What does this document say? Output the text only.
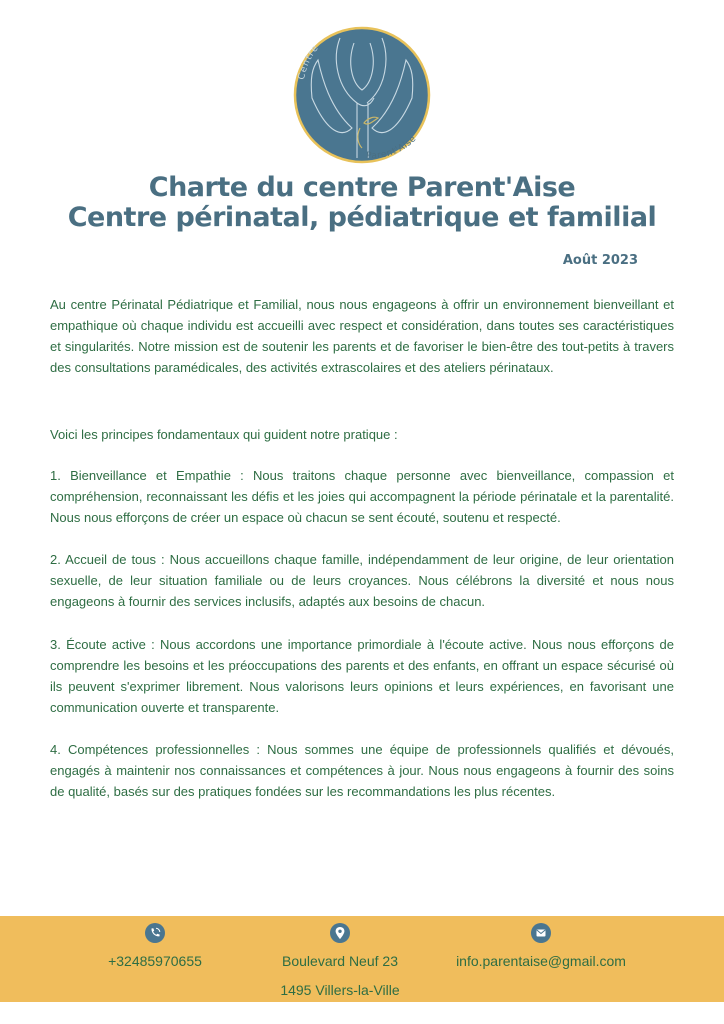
Centre
Parent'Aise
Charte du centre Parent'Aise
Centre périnatal, pédiatrique et familial
Août 2023

Au centre Périnatal Pédiatrique et Familial, nous nous engageons à offrir un environnement bienveillant et empathique où chaque individu est accueilli avec respect et considération, dans toutes ses caractéristiques et singularités. Notre mission est de soutenir les parents et de favoriser le bien-être des tout-petits à travers des consultations paramédicales, des activités extrascolaires et des ateliers périnataux.

Voici les principes fondamentaux qui guident notre pratique :

1. Bienveillance et Empathie : Nous traitons chaque personne avec bienveillance, compassion et compréhension, reconnaissant les défis et les joies qui accompagnent la période périnatale et la parentalité. Nous nous efforçons de créer un espace où chacun se sent écouté, soutenu et respecté.

2. Accueil de tous : Nous accueillons chaque famille, indépendamment de leur origine, de leur orientation sexuelle, de leur situation familiale ou de leurs croyances. Nous célébrons la diversité et nous nous engageons à fournir des services inclusifs, adaptés aux besoins de chacun.

3. Écoute active : Nous accordons une importance primordiale à l'écoute active. Nous nous efforçons de comprendre les besoins et les préoccupations des parents et des enfants, en offrant un espace sécurisé où ils peuvent s'exprimer librement. Nous valorisons leurs opinions et leurs expériences, en favorisant une communication ouverte et transparente.

4. Compétences professionnelles : Nous sommes une équipe de professionnels qualifiés et dévoués, engagés à maintenir nos connaissances et compétences à jour. Nous nous engageons à fournir des soins de qualité, basés sur des pratiques fondées sur les recommandations les plus récentes.

+32485970655	Boulevard Neuf 23
1495 Villers-la-Ville
info.parentaise@gmail.com
